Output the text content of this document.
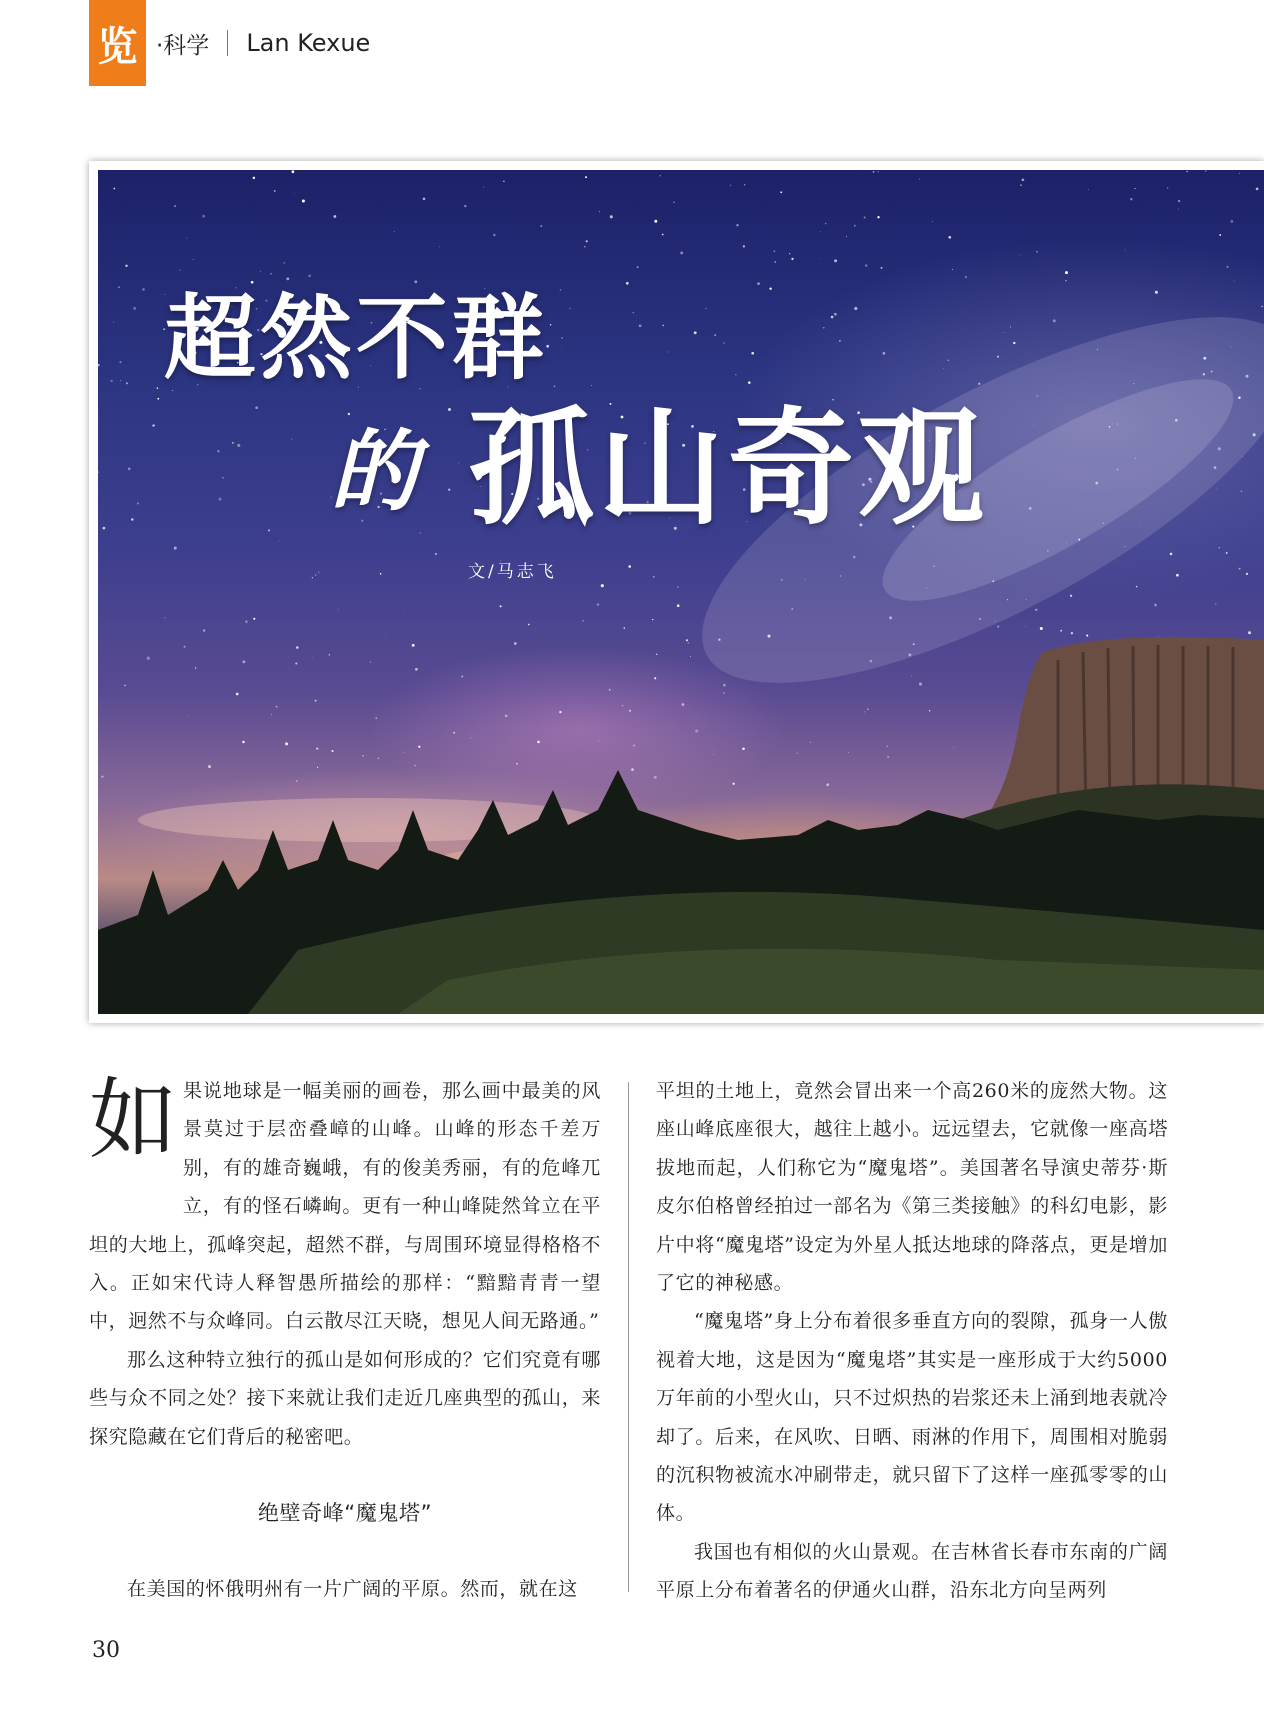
览 ·科学 Lan Kexue
超然不群
的 孤山奇观
文/马志飞

如 果说地球是一幅美丽的画卷，那么画中最美的风景莫过于层峦叠嶂的山峰。山峰的形态千差万别，有的雄奇巍峨，有的俊美秀丽，有的危峰兀立，有的怪石嶙峋。更有一种山峰陡然耸立在平坦的大地上，孤峰突起，超然不群，与周围环境显得格格不入。正如宋代诗人释智愚所描绘的那样：“黯黯青青一望中，迥然不与众峰同。白云散尽江天晓，想见人间无路通。”

那么这种特立独行的孤山是如何形成的？它们究竟有哪些与众不同之处？接下来就让我们走近几座典型的孤山，来探究隐藏在它们背后的秘密吧。

绝壁奇峰“魔鬼塔”

在美国的怀俄明州有一片广阔的平原。然而，就在这

平坦的土地上，竟然会冒出来一个高260米的庞然大物。这座山峰底座很大，越往上越小。远远望去，它就像一座高塔拔地而起，人们称它为“魔鬼塔”。美国著名导演史蒂芬·斯皮尔伯格曾经拍过一部名为《第三类接触》的科幻电影，影片中将“魔鬼塔”设定为外星人抵达地球的降落点，更是增加了它的神秘感。

“魔鬼塔”身上分布着很多垂直方向的裂隙，孤身一人傲视着大地，这是因为“魔鬼塔”其实是一座形成于大约5000万年前的小型火山，只不过炽热的岩浆还未上涌到地表就冷却了。后来，在风吹、日晒、雨淋的作用下，周围相对脆弱的沉积物被流水冲刷带走，就只留下了这样一座孤零零的山体。

我国也有相似的火山景观。在吉林省长春市东南的广阔平原上分布着著名的伊通火山群，沿东北方向呈两列

30
